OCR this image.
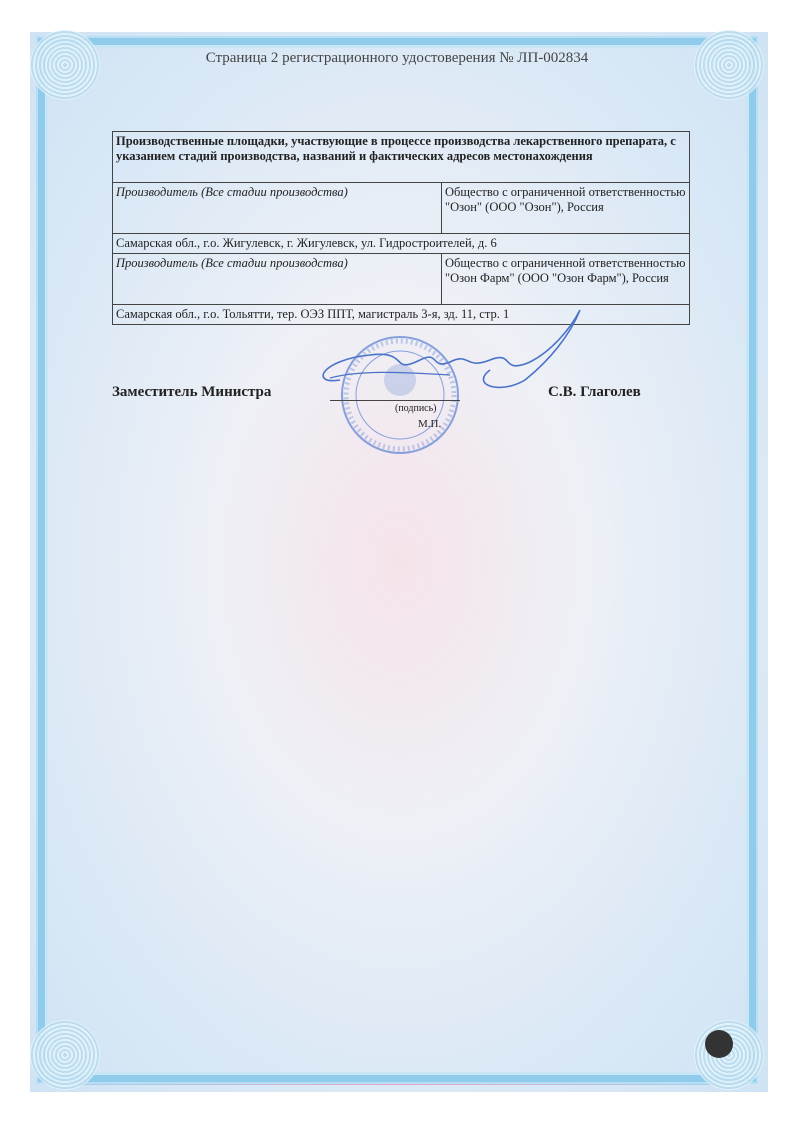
Страница 2 регистрационного удостоверения № ЛП-002834
Производственные площадки, участвующие в процессе производства лекарственного препарата, с указанием стадий производства, названий и фактических адресов местонахождения	
Производитель (Все стадии производства)	Общество с ограниченной ответственностью "Озон" (ООО "Озон"), Россия
Самарская обл., г.о. Жигулевск, г. Жигулевск, ул. Гидростроителей, д. 6	
Производитель (Все стадии производства)	Общество с ограниченной ответственностью "Озон Фарм" (ООО "Озон Фарм"), Россия
Самарская обл., г.о. Тольятти, тер. ОЭЗ ППТ, магистраль 3-я, зд. 11, стр. 1	
Заместитель Министра
(подпись)
М.П.
С.В. Глаголев
